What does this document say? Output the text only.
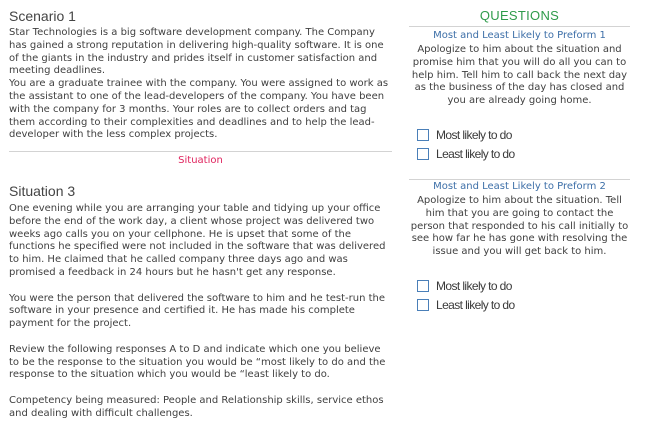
Scenario 1

Star Technologies is a big software development company. The Company has gained a strong reputation in delivering high-quality software. It is one of the giants in the industry and prides itself in customer satisfaction and meeting deadlines.
You are a graduate trainee with the company. You were assigned to work as the assistant to one of the lead-developers of the company. You have been with the company for 3 months. Your roles are to collect orders and tag them according to their complexities and deadlines and to help the lead-developer with the less complex projects.

Situation
Situation 3

One evening while you are arranging your table and tidying up your office before the end of the work day, a client whose project was delivered two weeks ago calls you on your cellphone. He is upset that some of the functions he specified were not included in the software that was delivered to him. He claimed that he called company three days ago and was promised a feedback in 24 hours but he hasn't get any response.

You were the person that delivered the software to him and he test-run the software in your presence and certified it. He has made his complete payment for the project.

Review the following responses A to D and indicate which one you believe to be the response to the situation you would be “most likely to do and the response to the situation which you would be “least likely to do.

Competency being measured: People and Relationship skills, service ethos and dealing with difficult challenges.

QUESTIONS
Most and Least Likely to Preform 1
Apologize to him about the situation and promise him that you will do all you can to help him. Tell him to call back the next day as the business of the day has closed and you are already going home.
Most likely to do
Least likely to do
Most and Least Likely to Preform 2
Apologize to him about the situation. Tell him that you are going to contact the person that responded to his call initially to see how far he has gone with resolving the issue and you will get back to him.
Most likely to do
Least likely to do
